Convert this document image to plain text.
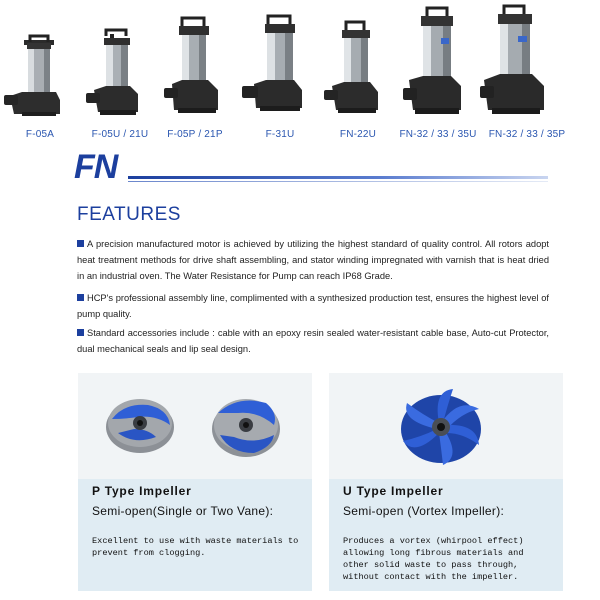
F-05A	F-05U / 21U F-05P / 21P	F-31U	FN-22U FN-32 / 33 / 35U FN-32 / 33 / 35P
FN
FEATURES
A precision manufactured motor is achieved by utilizing the highest standard of quality control. All rotors adopt heat treatment methods for drive shaft assembling, and stator winding impregnated with varnish that is heat dried in an industrial oven. The Water Resistance for Pump can reach IP68 Grade.
HCP's professional assembly line, complimented with a synthesized production test, ensures the highest level of pump quality.
Standard accessories include : cable with an epoxy resin sealed water-resistant cable base, Auto-cut Protector, dual mechanical seals and lip seal design.
P Type Impeller
Semi-open(Single or Two Vane):
Excellent to use with waste materials to prevent from clogging.
U Type Impeller
Semi-open (Vortex Impeller):
Produces a vortex (whirpool effect) allowing long fibrous materials and other solid waste to pass through, without contact with the impeller.
